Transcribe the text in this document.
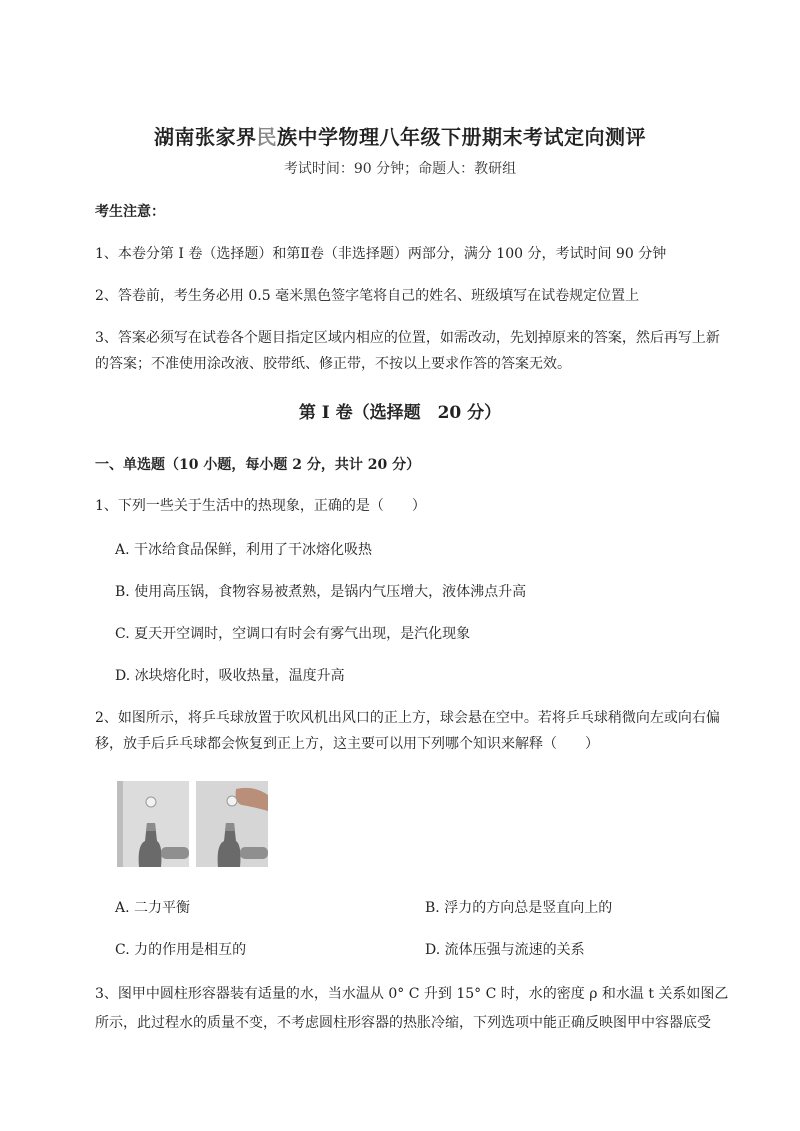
湖南张家界民族中学物理八年级下册期末考试定向测评
考试时间：90 分钟；命题人：教研组
考生注意：
1、本卷分第 I 卷（选择题）和第Ⅱ卷（非选择题）两部分，满分 100 分，考试时间 90 分钟
2、答卷前，考生务必用 0.5 毫米黑色签字笔将自己的姓名、班级填写在试卷规定位置上
3、答案必须写在试卷各个题目指定区域内相应的位置，如需改动，先划掉原来的答案，然后再写上新
的答案；不准使用涂改液、胶带纸、修正带，不按以上要求作答的答案无效。
第 I 卷（选择题　20 分）
一、单选题（10 小题，每小题 2 分，共计 20 分）
1、下列一些关于生活中的热现象，正确的是（　　）
A. 干冰给食品保鲜，利用了干冰熔化吸热
B. 使用高压锅，食物容易被煮熟，是锅内气压增大，液体沸点升高
C. 夏天开空调时，空调口有时会有雾气出现，是汽化现象
D. 冰块熔化时，吸收热量，温度升高
2、如图所示，将乒乓球放置于吹风机出风口的正上方，球会悬在空中。若将乒乓球稍微向左或向右偏
移，放手后乒乓球都会恢复到正上方，这主要可以用下列哪个知识来解释（　　）
A. 二力平衡	B. 浮力的方向总是竖直向上的
C. 力的作用是相互的	D. 流体压强与流速的关系
3、图甲中圆柱形容器装有适量的水，当水温从 0° C 升到 15° C 时，水的密度 ρ 和水温 t 关系如图乙
所示，此过程水的质量不变，不考虑圆柱形容器的热胀冷缩，下列选项中能正确反映图甲中容器底受
